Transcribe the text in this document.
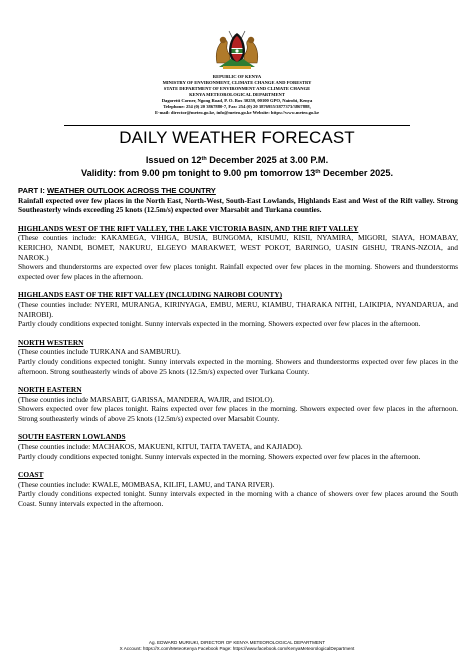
REPUBLIC OF KENYA
MINISTRY OF ENVIRONMENT, CLIMATE CHANGE AND FORESTRY
STATE DEPARTMENT OF ENVIRONMENT AND CLIMATE CHANGE
KENYA METEOROLOGICAL DEPARTMENT
Dagoretti Corner, Ngong Road, P. O. Box 30259, 00100 GPO, Nairobi, Kenya
Telephone: 254 (0) 20 3867880-7, Fax: 254 (0) 20 3876955/3877373/3867888,
E-mail: director@meteo.go.ke, info@meteo.go.ke Website: https://www.meteo.go.ke
DAILY WEATHER FORECAST
Issued on 12th December 2025 at 3.00 P.M.
Validity: from 9.00 pm tonight to 9.00 pm tomorrow 13th December 2025.
PART I: WEATHER OUTLOOK ACROSS THE COUNTRY

Rainfall expected over few places in the North East, North-West, South-East Lowlands, Highlands East and West of the Rift valley. Strong Southeasterly winds exceeding 25 knots (12.5m/s) expected over Marsabit and Turkana counties.

HIGHLANDS WEST OF THE RIFT VALLEY, THE LAKE VICTORIA BASIN, AND THE RIFT VALLEY

(These counties include: KAKAMEGA, VIHIGA, BUSIA, BUNGOMA, KISUMU, KISII, NYAMIRA, MIGORI, SIAYA, HOMABAY, KERICHO, NANDI, BOMET, NAKURU, ELGEYO MARAKWET, WEST POKOT, BARINGO, UASIN GISHU, TRANS-NZOIA, and NAROK.)

Showers and thunderstorms are expected over few places tonight. Rainfall expected over few places in the morning. Showers and thunderstorms expected over few places in the afternoon.

HIGHLANDS EAST OF THE RIFT VALLEY (INCLUDING NAIROBI COUNTY)

(These counties include: NYERI, MURANGA, KIRINYAGA, EMBU, MERU, KIAMBU, THARAKA NITHI, LAIKIPIA, NYANDARUA, and NAIROBI).

Partly cloudy conditions expected tonight. Sunny intervals expected in the morning. Showers expected over few places in the afternoon.

NORTH WESTERN

(These counties include TURKANA and SAMBURU).

Partly cloudy conditions expected tonight. Sunny intervals expected in the morning. Showers and thunderstorms expected over few places in the afternoon. Strong southeasterly winds of above 25 knots (12.5m/s) expected over Turkana County.

NORTH EASTERN

(These counties include MARSABIT, GARISSA, MANDERA, WAJIR, and ISIOLO).

Showers expected over few places tonight. Rains expected over few places in the morning. Showers expected over few places in the afternoon. Strong southeasterly winds of above 25 knots (12.5m/s) expected over Marsabit County.

SOUTH EASTERN LOWLANDS

(These counties include: MACHAKOS, MAKUENI, KITUI, TAITA TAVETA, and KAJIADO).

Partly cloudy conditions expected tonight. Sunny intervals expected in the morning. Showers expected over few places in the afternoon.

COAST

(These counties include: KWALE, MOMBASA, KILIFI, LAMU, and TANA RIVER).

Partly cloudy conditions expected tonight. Sunny intervals expected in the morning with a chance of showers over few places around the South Coast. Sunny intervals expected in the afternoon.

Ag. EDWARD MURIUKI, DIRECTOR OF KENYA METEOROLOGICAL DEPARTMENT
X Account: https://X.com/MeteoKenya Facebook Page: https://www.facebook.com/KenyaMeteorologicalDepartment
